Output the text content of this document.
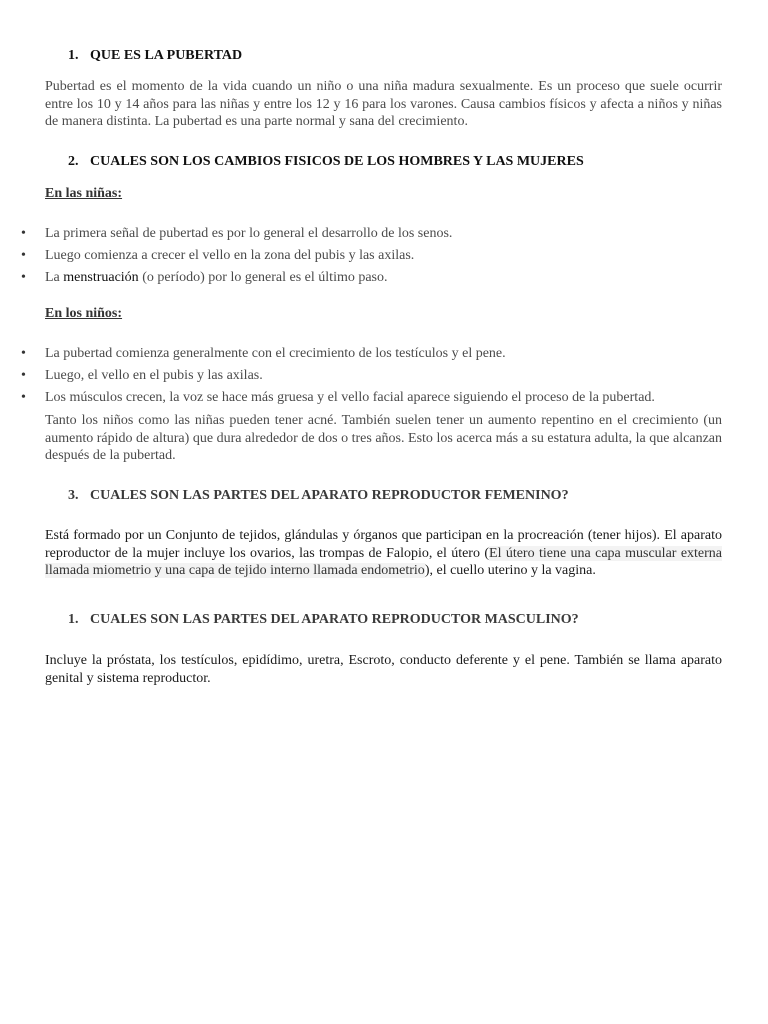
1. QUE ES LA PUBERTAD
Pubertad es el momento de la vida cuando un niño o una niña madura sexualmente. Es un proceso que suele ocurrir entre los 10 y 14 años para las niñas y entre los 12 y 16 para los varones. Causa cambios físicos y afecta a niños y niñas de manera distinta. La pubertad es una parte normal y sana del crecimiento.
2. CUALES SON LOS CAMBIOS FISICOS DE LOS HOMBRES Y LAS MUJERES
En las niñas:
• La primera señal de pubertad es por lo general el desarrollo de los senos.
• Luego comienza a crecer el vello en la zona del pubis y las axilas.
• La menstruación (o período) por lo general es el último paso.
En los niños:
• La pubertad comienza generalmente con el crecimiento de los testículos y el pene.
• Luego, el vello en el pubis y las axilas.
• Los músculos crecen, la voz se hace más gruesa y el vello facial aparece siguiendo el proceso de la pubertad.
Tanto los niños como las niñas pueden tener acné. También suelen tener un aumento repentino en el crecimiento (un aumento rápido de altura) que dura alrededor de dos o tres años. Esto los acerca más a su estatura adulta, la que alcanzan después de la pubertad.
3. CUALES SON LAS PARTES DEL APARATO REPRODUCTOR FEMENINO?
Está formado por un Conjunto de tejidos, glándulas y órganos que participan en la procreación (tener hijos). El aparato reproductor de la mujer incluye los ovarios, las trompas de Falopio, el útero (El útero tiene una capa muscular externa llamada miometrio y una capa de tejido interno llamada endometrio), el cuello uterino y la vagina.
1. CUALES SON LAS PARTES DEL APARATO REPRODUCTOR MASCULINO?
Incluye la próstata, los testículos, epidídimo, uretra, Escroto, conducto deferente y el pene. También se llama aparato genital y sistema reproductor.
